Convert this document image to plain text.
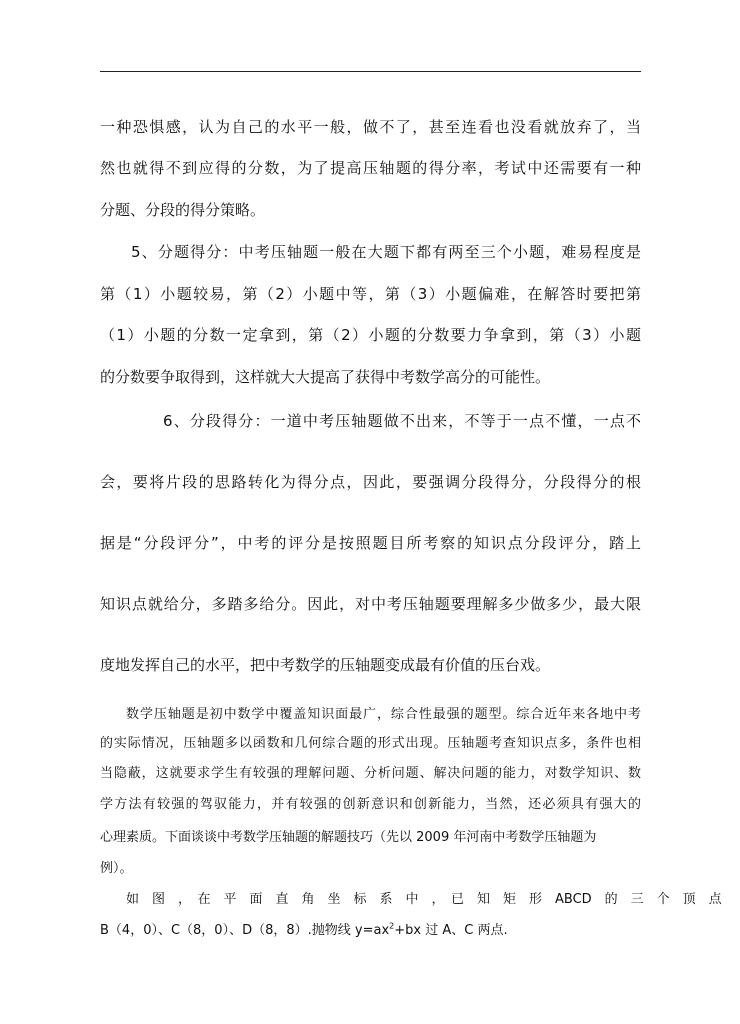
一种恐惧感，认为自己的水平一般，做不了，甚至连看也没看就放弃了，当
然也就得不到应得的分数，为了提高压轴题的得分率，考试中还需要有一种
分题、分段的得分策略。
5、分题得分：中考压轴题一般在大题下都有两至三个小题，难易程度是
第（1）小题较易，第（2）小题中等，第（3）小题偏难，在解答时要把第
（1）小题的分数一定拿到，第（2）小题的分数要力争拿到，第（3）小题
的分数要争取得到，这样就大大提高了获得中考数学高分的可能性。
6、分段得分：一道中考压轴题做不出来，不等于一点不懂，一点不
会，要将片段的思路转化为得分点，因此，要强调分段得分，分段得分的根
据是“分段评分”，中考的评分是按照题目所考察的知识点分段评分，踏上
知识点就给分，多踏多给分。因此，对中考压轴题要理解多少做多少，最大限
度地发挥自己的水平，把中考数学的压轴题变成最有价值的压台戏。
数学压轴题是初中数学中覆盖知识面最广，综合性最强的题型。综合近年来各地中考
的实际情况，压轴题多以函数和几何综合题的形式出现。压轴题考查知识点多，条件也相
当隐蔽，这就要求学生有较强的理解问题、分析问题、解决问题的能力，对数学知识、数
学方法有较强的驾驭能力，并有较强的创新意识和创新能力，当然，还必须具有强大的
心理素质。下面谈谈中考数学压轴题的解题技巧（先以 2009 年河南中考数学压轴题为
例）。
如　图　，　在　平　面　直　角　坐　标　系　中　，　已　知　矩　形　ABCD　的　三　个　顶　点
B（4，0）、C（8，0）、D（8，8）.抛物线 $y=ax^2+bx$ 过 A、C 两点.
